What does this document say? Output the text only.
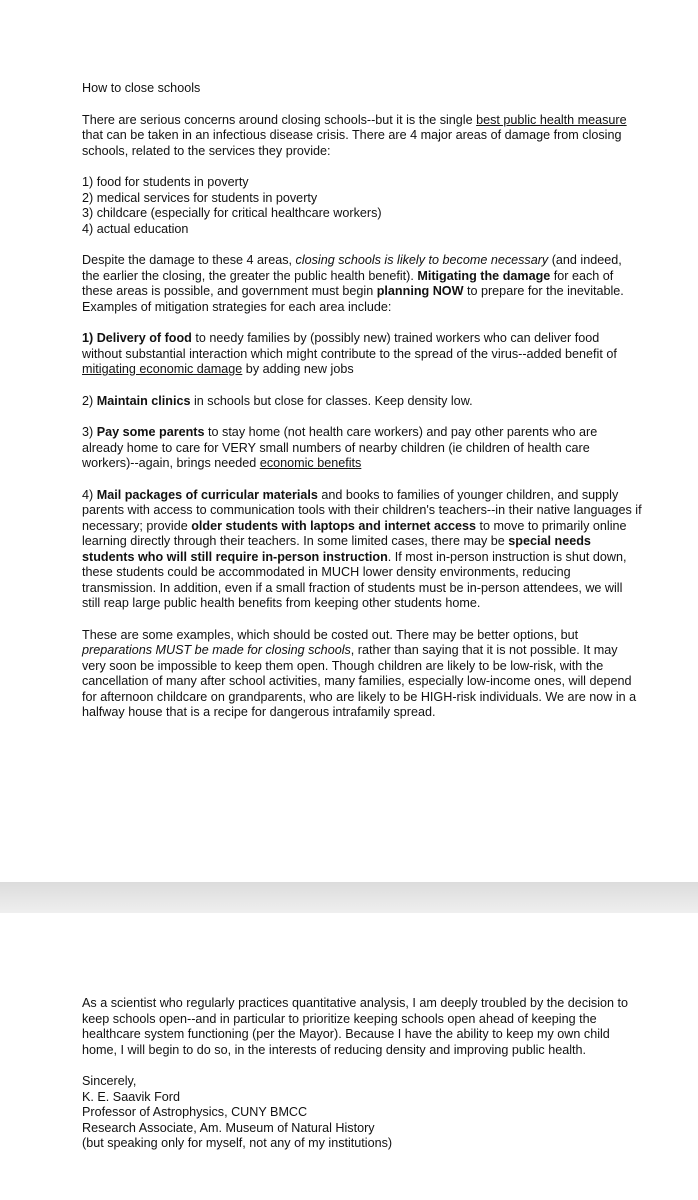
How to close schools

There are serious concerns around closing schools--but it is the single best public health measure that can be taken in an infectious disease crisis. There are 4 major areas of damage from closing schools, related to the services they provide:

1) food for students in poverty
2) medical services for students in poverty
3) childcare (especially for critical healthcare workers)
4) actual education

Despite the damage to these 4 areas, closing schools is likely to become necessary (and indeed, the earlier the closing, the greater the public health benefit). Mitigating the damage for each of these areas is possible, and government must begin planning NOW to prepare for the inevitable. Examples of mitigation strategies for each area include:

1) Delivery of food to needy families by (possibly new) trained workers who can deliver food without substantial interaction which might contribute to the spread of the virus--added benefit of mitigating economic damage by adding new jobs

2) Maintain clinics in schools but close for classes. Keep density low.

3) Pay some parents to stay home (not health care workers) and pay other parents who are already home to care for VERY small numbers of nearby children (ie children of health care workers)--again, brings needed economic benefits

4) Mail packages of curricular materials and books to families of younger children, and supply parents with access to communication tools with their children's teachers--in their native languages if necessary; provide older students with laptops and internet access to move to primarily online learning directly through their teachers. In some limited cases, there may be special needs students who will still require in-person instruction. If most in-person instruction is shut down, these students could be accommodated in MUCH lower density environments, reducing transmission. In addition, even if a small fraction of students must be in-person attendees, we will still reap large public health benefits from keeping other students home.

These are some examples, which should be costed out. There may be better options, but preparations MUST be made for closing schools, rather than saying that it is not possible. It may very soon be impossible to keep them open. Though children are likely to be low-risk, with the cancellation of many after school activities, many families, especially low-income ones, will depend for afternoon childcare on grandparents, who are likely to be HIGH-risk individuals. We are now in a halfway house that is a recipe for dangerous intrafamily spread.

As a scientist who regularly practices quantitative analysis, I am deeply troubled by the decision to keep schools open--and in particular to prioritize keeping schools open ahead of keeping the healthcare system functioning (per the Mayor). Because I have the ability to keep my own child home, I will begin to do so, in the interests of reducing density and improving public health.

Sincerely,

K. E. Saavik Ford

Professor of Astrophysics, CUNY BMCC

Research Associate, Am. Museum of Natural History

(but speaking only for myself, not any of my institutions)
